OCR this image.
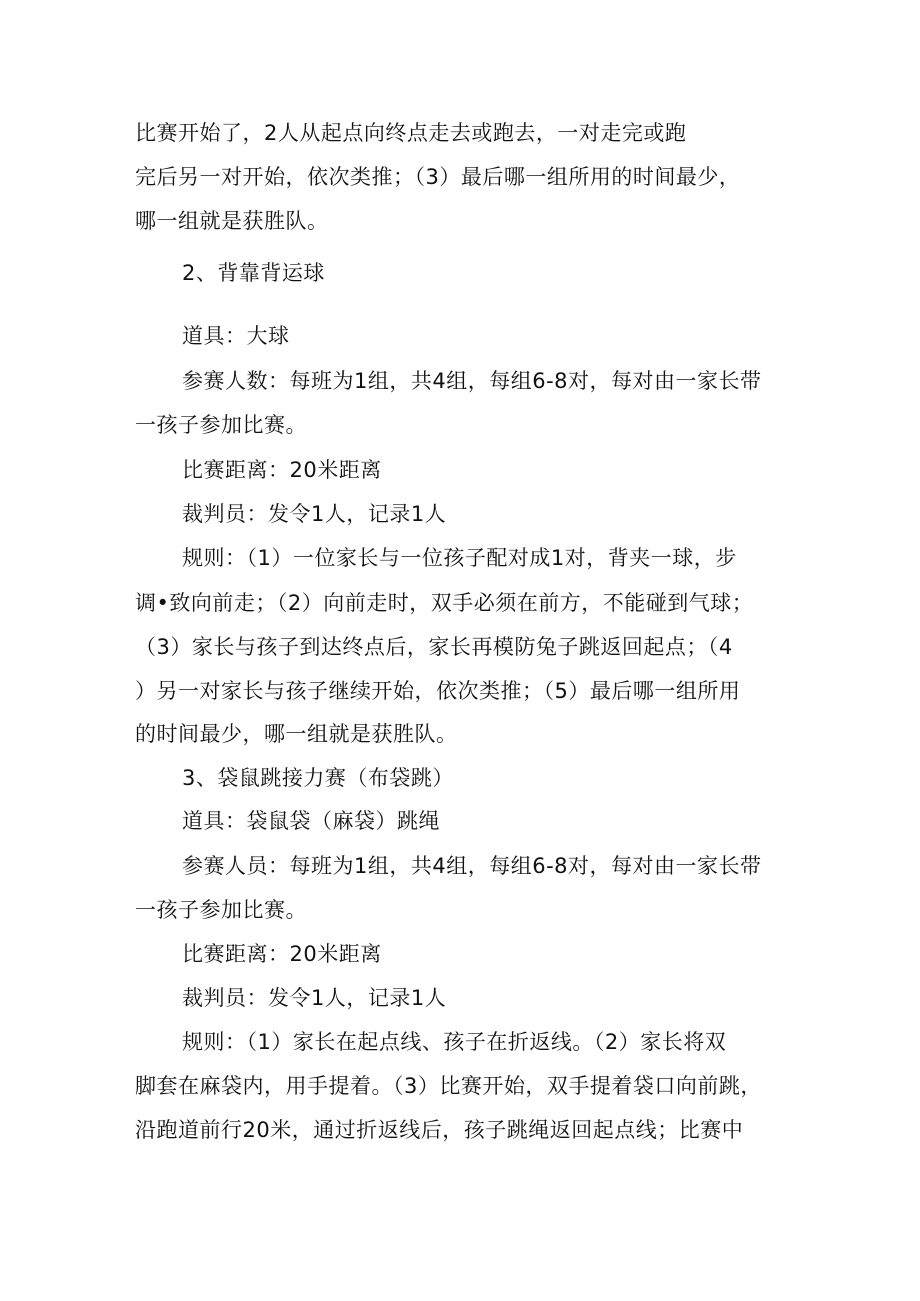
比赛开始了，2人从起点向终点走去或跑去，一对走完或跑
完后另一对开始，依次类推；（3）最后哪一组所用的时间最少，
哪一组就是获胜队。
2、背靠背运球
道具：大球
参赛人数：每班为1组，共4组，每组6-8对，每对由一家长带
一孩子参加比赛。
比赛距离：20米距离
裁判员：发令1人，记录1人
规则：（1）一位家长与一位孩子配对成1对，背夹一球，步
调•致向前走；（2）向前走时，双手必须在前方，不能碰到气球；
（3）家长与孩子到达终点后，家长再模防兔子跳返回起点；（4
）另一对家长与孩子继续开始，依次类推；（5）最后哪一组所用
的时间最少，哪一组就是获胜队。
3、袋鼠跳接力赛（布袋跳）
道具：袋鼠袋（麻袋）跳绳
参赛人员：每班为1组，共4组，每组6-8对，每对由一家长带
一孩子参加比赛。
比赛距离：20米距离
裁判员：发令1人，记录1人
规则：（1）家长在起点线、孩子在折返线。（2）家长将双
脚套在麻袋内，用手提着。（3）比赛开始，双手提着袋口向前跳，
沿跑道前行20米，通过折返线后，孩子跳绳返回起点线；比赛中
